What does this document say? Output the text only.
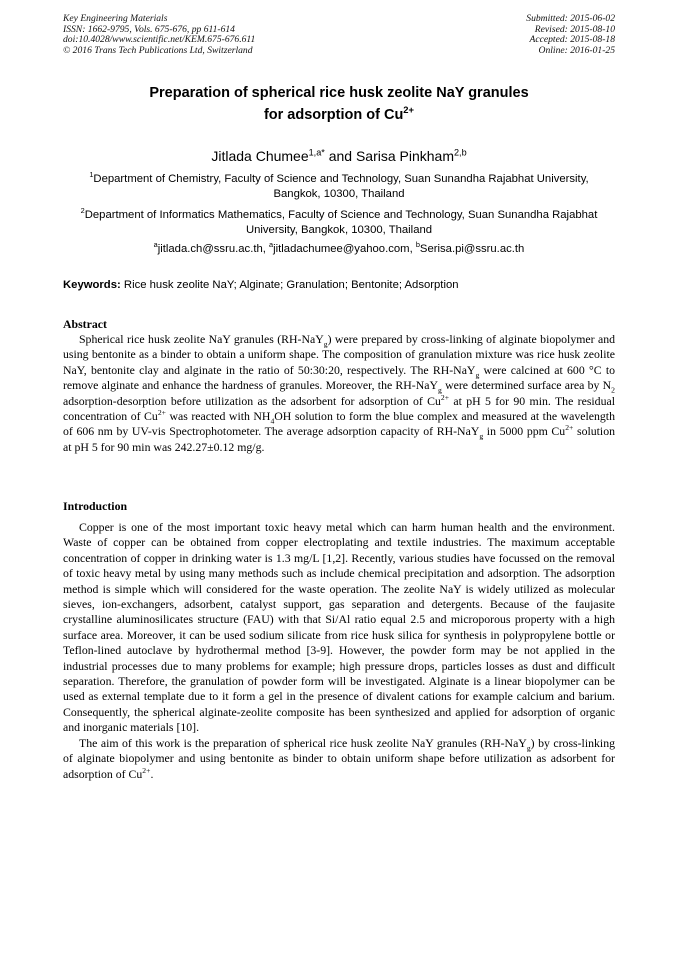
Key Engineering Materials
ISSN: 1662-9795, Vols. 675-676, pp 611-614
doi:10.4028/www.scientific.net/KEM.675-676.611
© 2016 Trans Tech Publications Ltd, Switzerland
Submitted: 2015-06-02
Revised: 2015-08-10
Accepted: 2015-08-18
Online: 2016-01-25
Preparation of spherical rice husk zeolite NaY granules
for adsorption of $Cu^{2+}$
Jitlada Chumee$^{1,a*}$ and Sarisa Pinkham$^{2,b}$
$^1$Department of Chemistry, Faculty of Science and Technology, Suan Sunandha Rajabhat University, Bangkok, 10300, Thailand
$^2$Department of Informatics Mathematics, Faculty of Science and Technology, Suan Sunandha Rajabhat University, Bangkok, 10300, Thailand
$^a$jitlada.ch@ssru.ac.th, $^a$jitladachumee@yahoo.com, $^b$Serisa.pi@ssru.ac.th
Keywords: Rice husk zeolite NaY; Alginate; Granulation; Bentonite; Adsorption
Abstract

Spherical rice husk zeolite NaY granules (RH-NaY$_g$) were prepared by cross-linking of alginate biopolymer and using bentonite as a binder to obtain a uniform shape. The composition of granulation mixture was rice husk zeolite NaY, bentonite clay and alginate in the ratio of 50:30:20, respectively. The RH-NaY$_g$ were calcined at 600 °C to remove alginate and enhance the hardness of granules. Moreover, the RH-NaY$_g$ were determined surface area by $N_2$ adsorption-desorption before utilization as the adsorbent for adsorption of $Cu^{2+}$ at pH 5 for 90 min. The residual concentration of $Cu^{2+}$ was reacted with $NH_4OH$ solution to form the blue complex and measured at the wavelength of 606 nm by UV-vis Spectrophotometer. The average adsorption capacity of RH-NaY$_g$ in 5000 ppm $Cu^{2+}$ solution at pH 5 for 90 min was 242.27±0.12 mg/g.

Introduction

Copper is one of the most important toxic heavy metal which can harm human health and the environment. Waste of copper can be obtained from copper electroplating and textile industries. The maximum acceptable concentration of copper in drinking water is 1.3 mg/L [1,2]. Recently, various studies have focussed on the removal of toxic heavy metal by using many methods such as include chemical precipitation and adsorption. The adsorption method is simple which will considered for the waste operation. The zeolite NaY is widely utilized as molecular sieves, ion-exchangers, adsorbent, catalyst support, gas separation and detergents. Because of the faujasite crystalline aluminosilicates structure (FAU) with that Si/Al ratio equal 2.5 and microporous property with a high surface area. Moreover, it can be used sodium silicate from rice husk silica for synthesis in polypropylene bottle or Teflon-lined autoclave by hydrothermal method [3-9]. However, the powder form may be not applied in the industrial processes due to many problems for example; high pressure drops, particles losses as dust and difficult separation. Therefore, the granulation of powder form will be investigated. Alginate is a linear biopolymer can be used as external template due to it form a gel in the presence of divalent cations for example calcium and barium. Consequently, the spherical alginate-zeolite composite has been synthesized and applied for adsorption of organic and inorganic materials [10].

The aim of this work is the preparation of spherical rice husk zeolite NaY granules (RH-NaY$_g$) by cross-linking of alginate biopolymer and using bentonite as binder to obtain uniform shape before utilization as adsorbent for adsorption of $Cu^{2+}$.
